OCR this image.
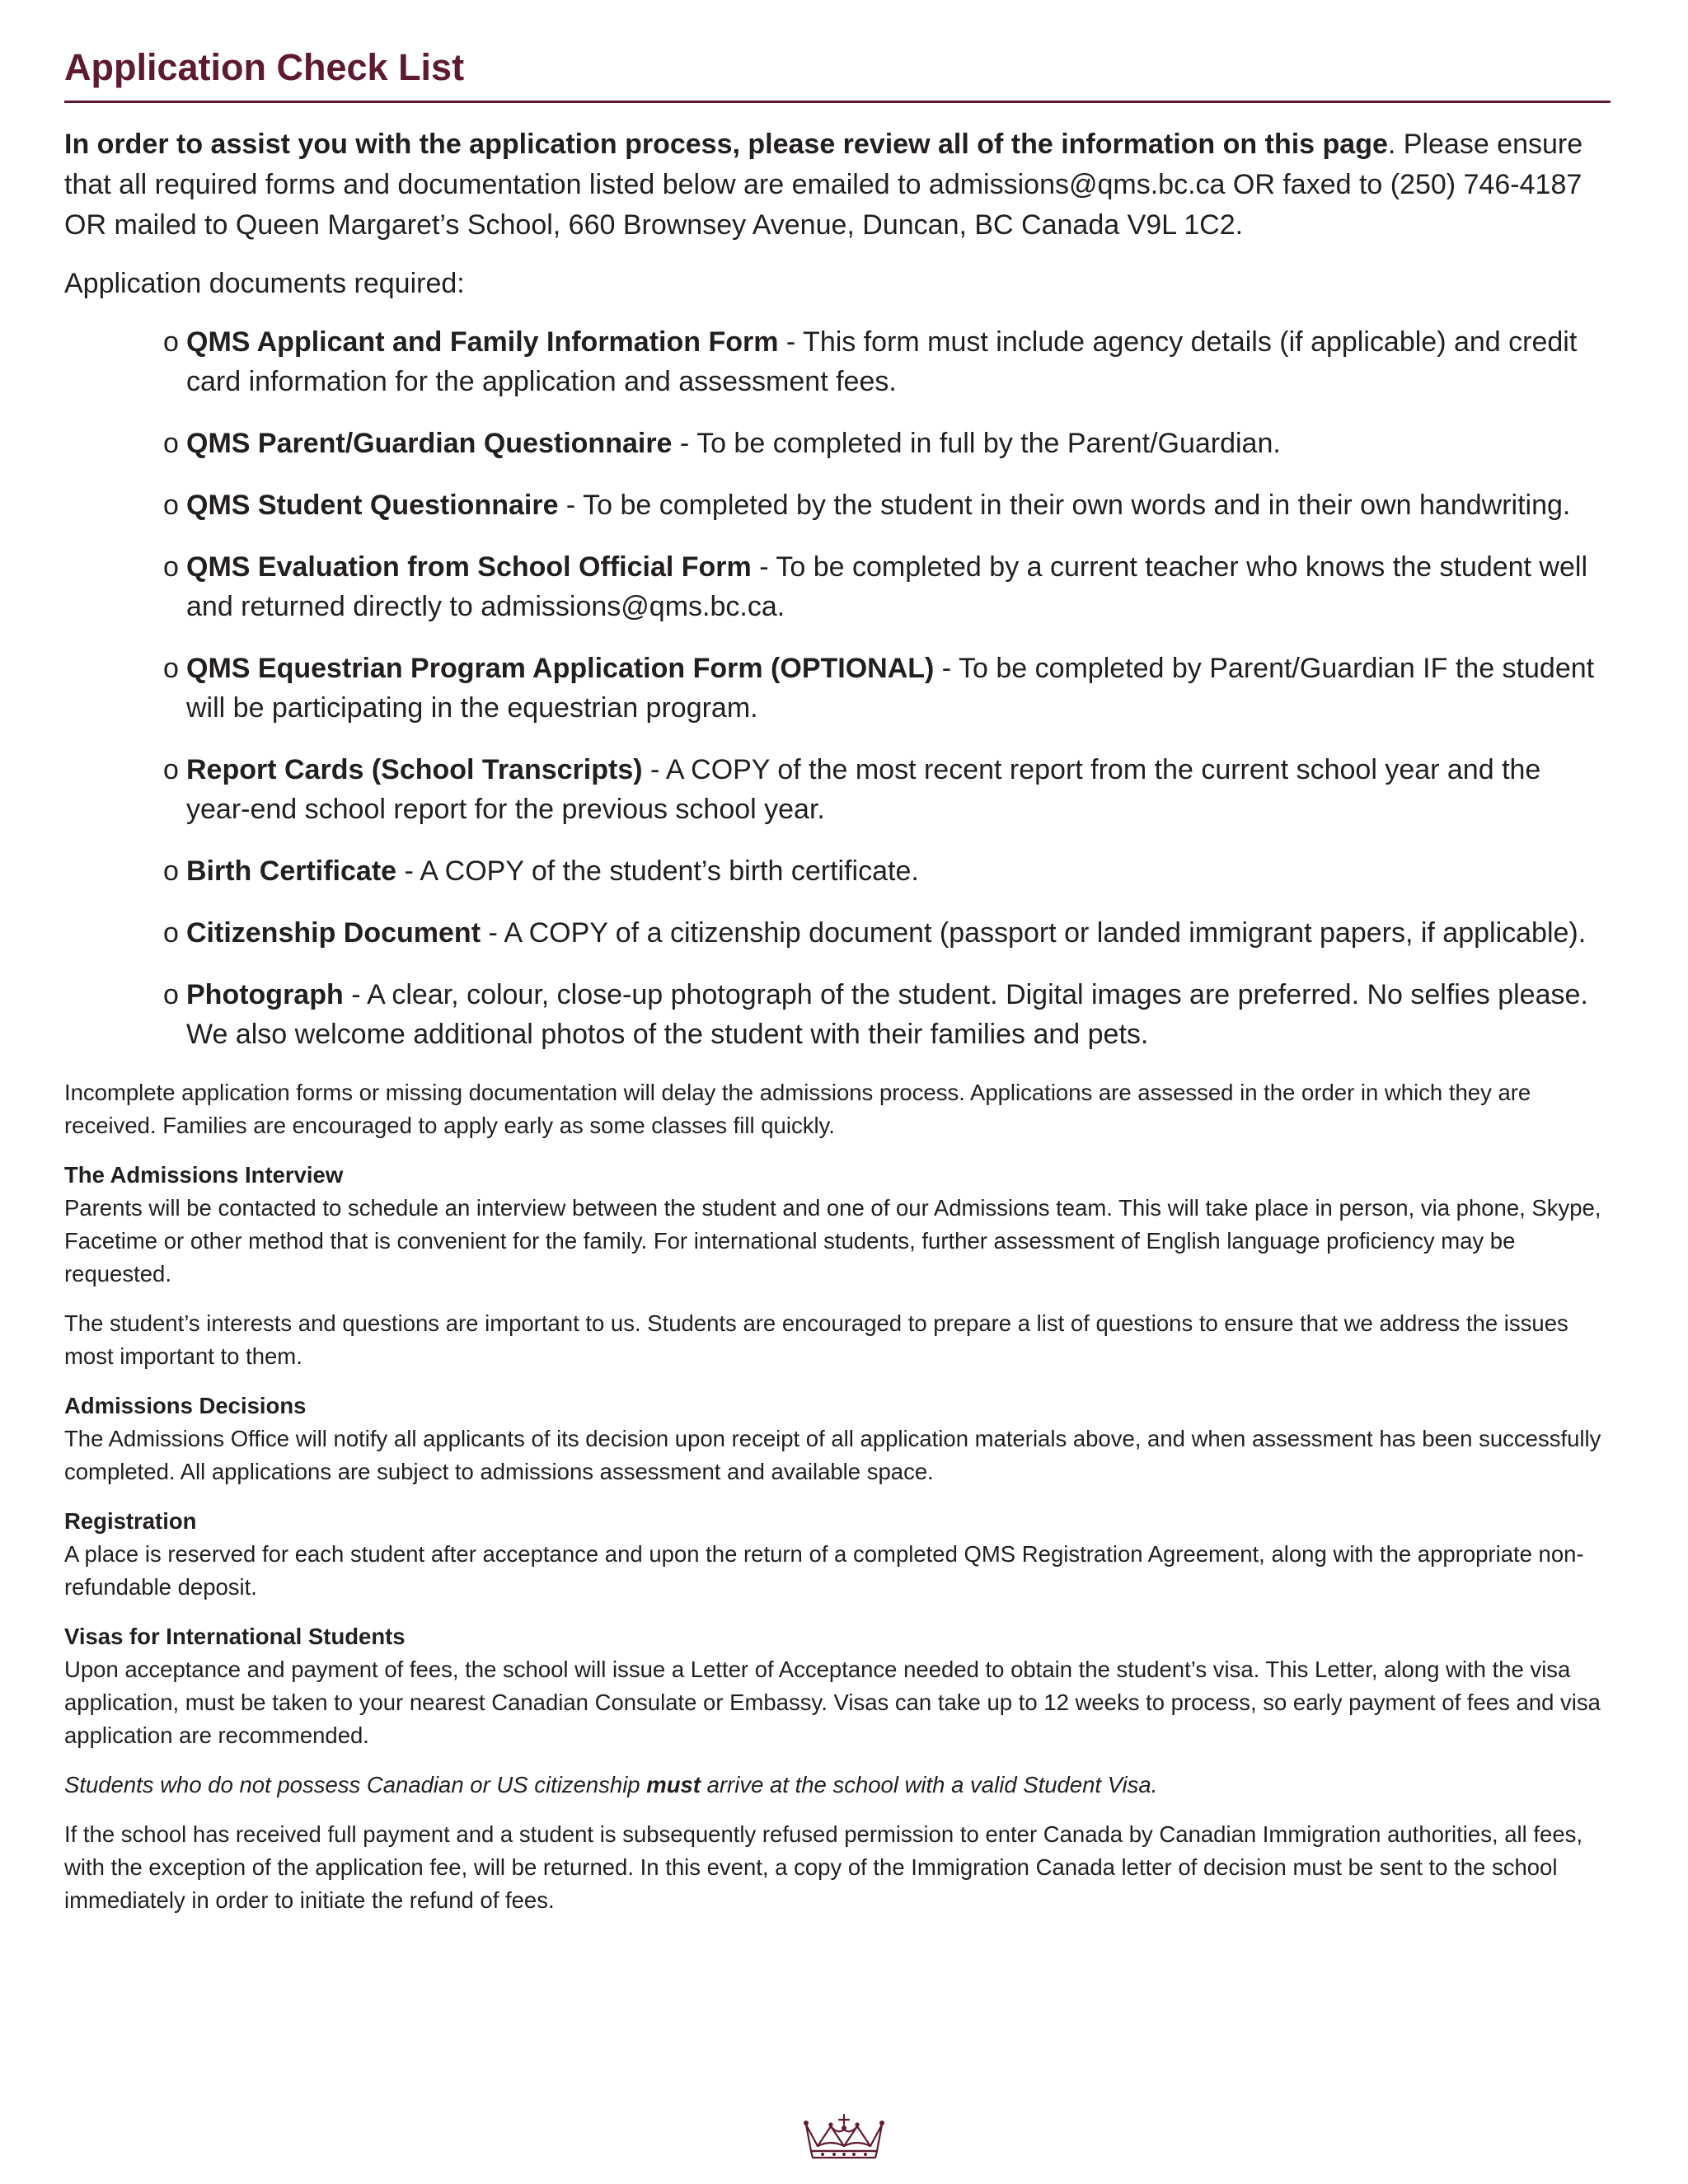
Application Check List

In order to assist you with the application process, please review all of the information on this page. Please ensure that all required forms and documentation listed below are emailed to admissions@qms.bc.ca OR faxed to (250) 746-4187 OR mailed to Queen Margaret’s School, 660 Brownsey Avenue, Duncan, BC Canada V9L 1C2.

Application documents required:
o QMS Applicant and Family Information Form - This form must include agency details (if applicable) and credit card information for the application and assessment fees.
o QMS Parent/Guardian Questionnaire - To be completed in full by the Parent/Guardian.
o QMS Student Questionnaire - To be completed by the student in their own words and in their own handwriting.
o QMS Evaluation from School Official Form - To be completed by a current teacher who knows the student well and returned directly to admissions@qms.bc.ca.
o QMS Equestrian Program Application Form (OPTIONAL) - To be completed by Parent/Guardian IF the student will be participating in the equestrian program.
o Report Cards (School Transcripts) - A COPY of the most recent report from the current school year and the year-end school report for the previous school year.
o Birth Certificate - A COPY of the student’s birth certificate.
o Citizenship Document - A COPY of a citizenship document (passport or landed immigrant papers, if applicable).
o Photograph - A clear, colour, close-up photograph of the student. Digital images are preferred. No selfies please. We also welcome additional photos of the student with their families and pets.
Incomplete application forms or missing documentation will delay the admissions process. Applications are assessed in the order in which they are received. Families are encouraged to apply early as some classes fill quickly.
The Admissions Interview
Parents will be contacted to schedule an interview between the student and one of our Admissions team. This will take place in person, via phone, Skype, Facetime or other method that is convenient for the family. For international students, further assessment of English language proficiency may be requested.
The student’s interests and questions are important to us. Students are encouraged to prepare a list of questions to ensure that we address the issues most important to them.
Admissions Decisions
The Admissions Office will notify all applicants of its decision upon receipt of all application materials above, and when assessment has been successfully completed. All applications are subject to admissions assessment and available space.
Registration
A place is reserved for each student after acceptance and upon the return of a completed QMS Registration Agreement, along with the appropriate non-refundable deposit.
Visas for International Students
Upon acceptance and payment of fees, the school will issue a Letter of Acceptance needed to obtain the student’s visa. This Letter, along with the visa application, must be taken to your nearest Canadian Consulate or Embassy. Visas can take up to 12 weeks to process, so early payment of fees and visa application are recommended.
Students who do not possess Canadian or US citizenship must arrive at the school with a valid Student Visa.
If the school has received full payment and a student is subsequently refused permission to enter Canada by Canadian Immigration authorities, all fees, with the exception of the application fee, will be returned. In this event, a copy of the Immigration Canada letter of decision must be sent to the school immediately in order to initiate the refund of fees.
